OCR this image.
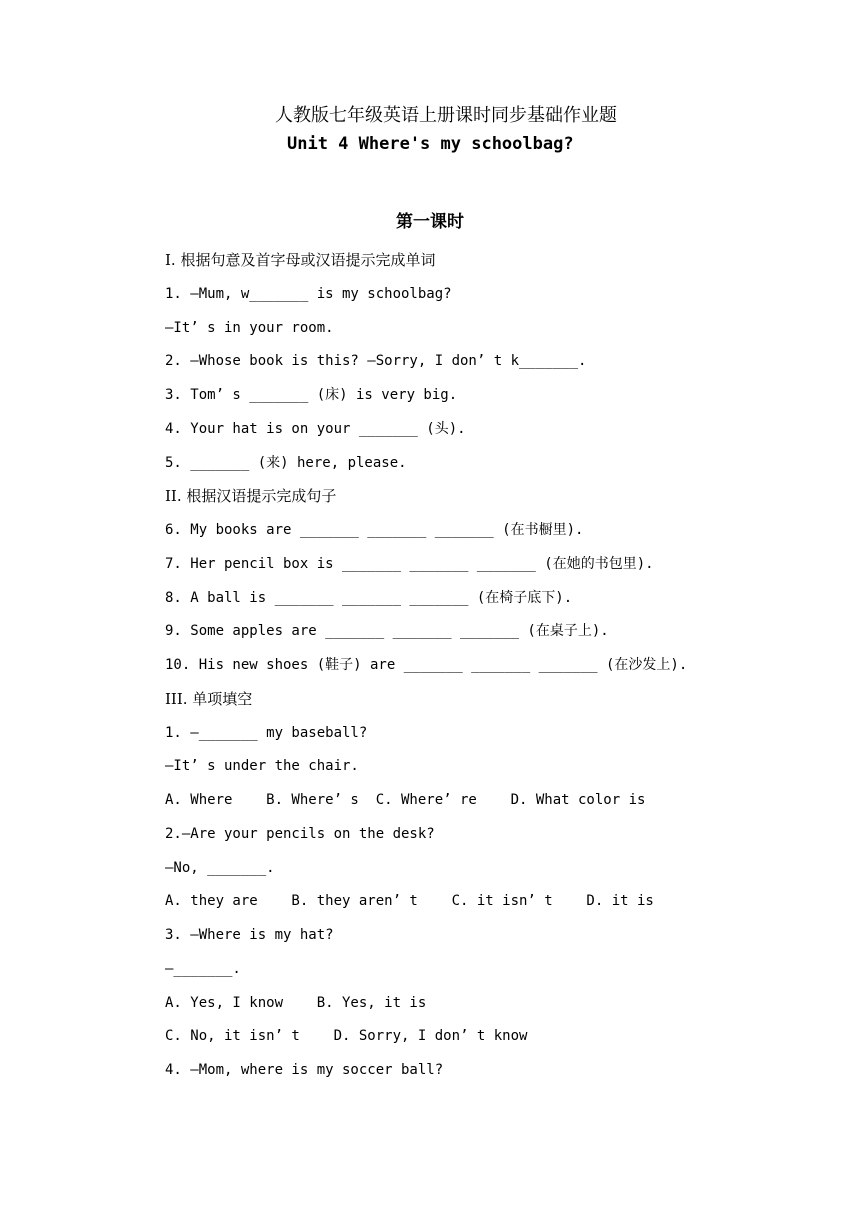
人教版七年级英语上册课时同步基础作业题
Unit 4 Where's my schoolbag?
第一课时
I. 根据句意及首字母或汉语提示完成单词
1. —Mum, w_______ is my schoolbag?
—It’ s in your room.
2. —Whose book is this? —Sorry, I don’ t k_______.
3. Tom’ s _______ (床) is very big.
4. Your hat is on your _______ (头).
5. _______ (来) here, please.
II. 根据汉语提示完成句子
6. My books are _______ _______ _______ (在书橱里).
7. Her pencil box is _______ _______ _______ (在她的书包里).
8. A ball is _______ _______ _______ (在椅子底下).
9. Some apples are _______ _______ _______ (在桌子上).
10. His new shoes (鞋子) are _______ _______ _______ (在沙发上).
III. 单项填空
1. —_______ my baseball?
—It’ s under the chair.
A. Where    B. Where’ s  C. Where’ re    D. What color is
2.—Are your pencils on the desk?
—No, _______.
A. they are    B. they aren’ t    C. it isn’ t    D. it is
3. —Where is my hat?
—_______.
A. Yes, I know    B. Yes, it is
C. No, it isn’ t    D. Sorry, I don’ t know
4. —Mom, where is my soccer ball?
